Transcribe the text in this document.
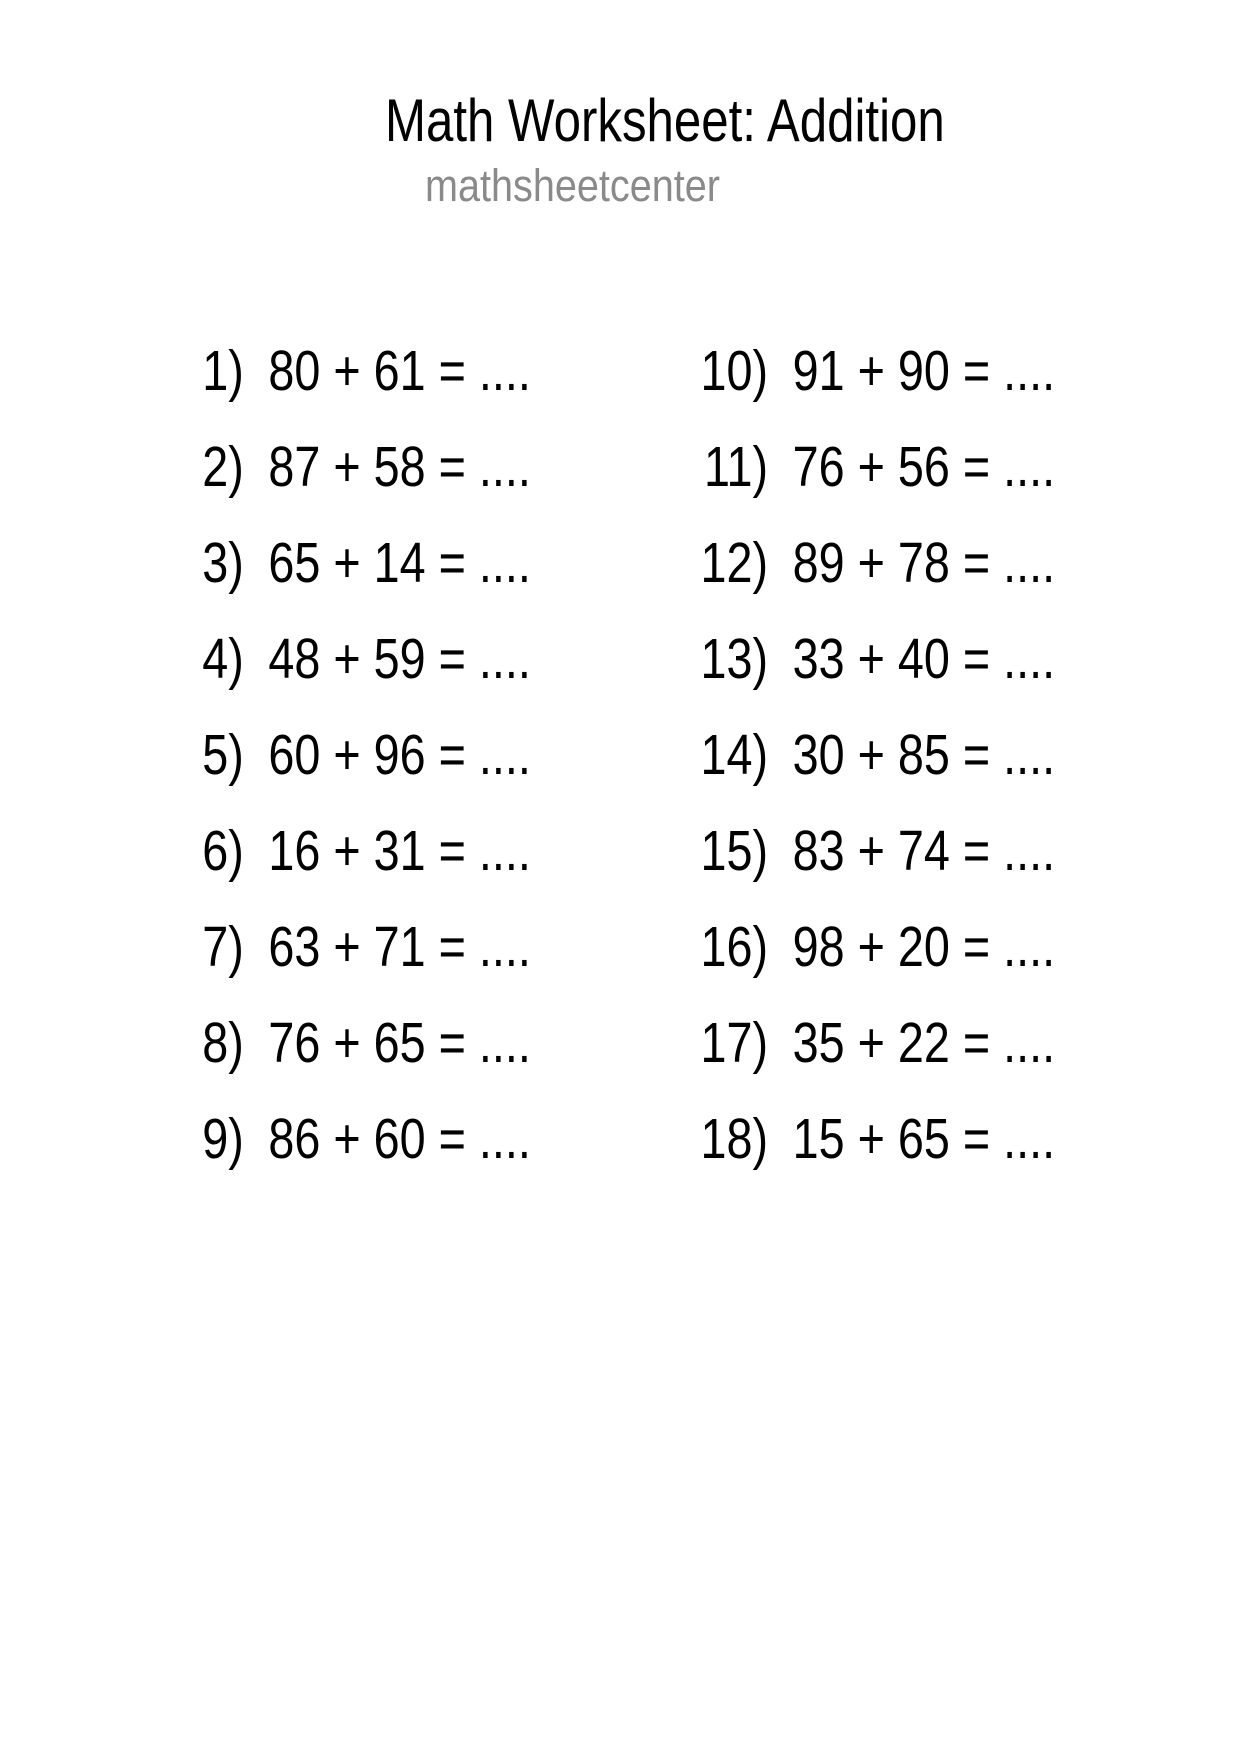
Math Worksheet: Addition
mathsheetcenter
1) 80 + 61 = ....
2) 87 + 58 = ....
3) 65 + 14 = ....
4) 48 + 59 = ....
5) 60 + 96 = ....
6) 16 + 31 = ....
7) 63 + 71 = ....
8) 76 + 65 = ....
9) 86 + 60 = ....
10) 91 + 90 = ....
11) 76 + 56 = ....
12) 89 + 78 = ....
13) 33 + 40 = ....
14) 30 + 85 = ....
15) 83 + 74 = ....
16) 98 + 20 = ....
17) 35 + 22 = ....
18) 15 + 65 = ....
